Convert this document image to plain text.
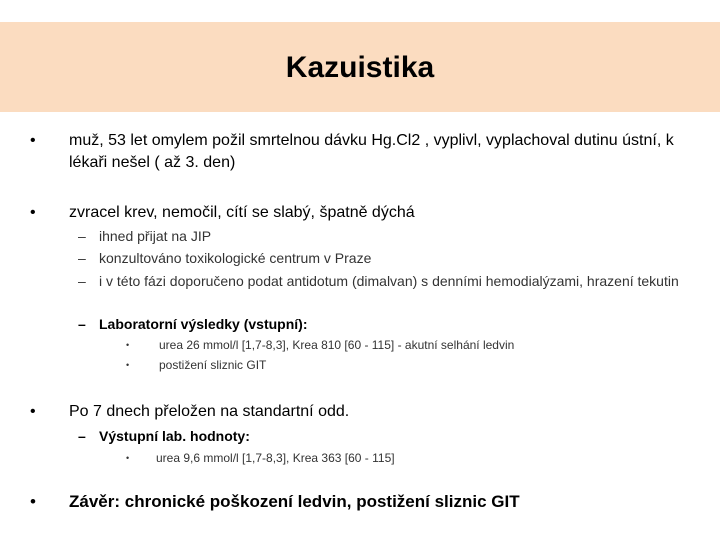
Kazuistika
•	muž, 53 let omylem požil smrtelnou dávku Hg.Cl2 , vyplivl, vyplachoval dutinu ústní, k lékaři nešel ( až 3. den)
•	zvracel krev, nemočil, cítí se slabý, špatně dýchá
– ihned přijat na JIP
– konzultováno toxikologické centrum v Praze
– i v této fázi doporučeno podat antidotum (dimalvan) s denními hemodialýzami, hrazení tekutin
– Laboratorní výsledky (vstupní):
• urea 26 mmol/l [1,7-8,3], Krea 810 [60 - 115] - akutní selhání ledvin
• postižení sliznic GIT
•	Po 7 dnech přeložen na standartní odd.
– Výstupní lab. hodnoty:
• urea 9,6 mmol/l [1,7-8,3], Krea 363 [60 - 115]
•	Závěr: chronické poškození ledvin, postižení sliznic GIT
